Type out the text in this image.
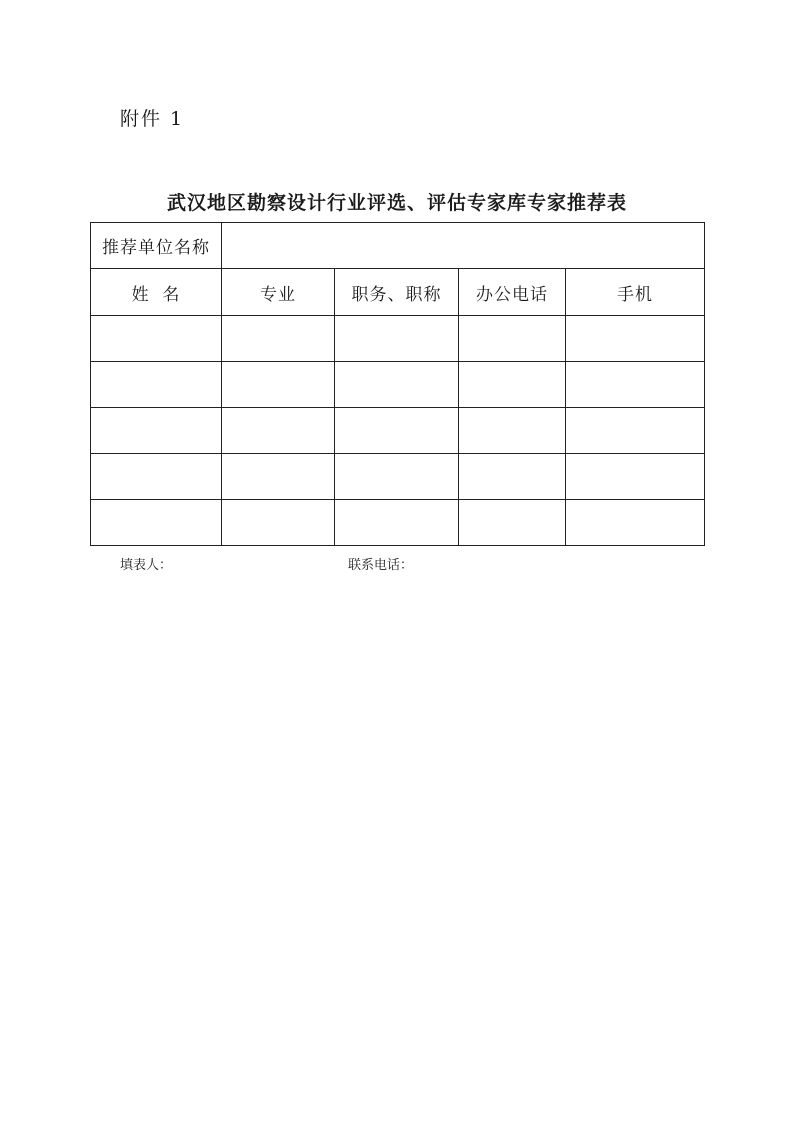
附件 1
武汉地区勘察设计行业评选、评估专家库专家推荐表
推荐单位名称				
姓  名	专业	职务、职称	办公电话	手机

填表人：	联系电话：
